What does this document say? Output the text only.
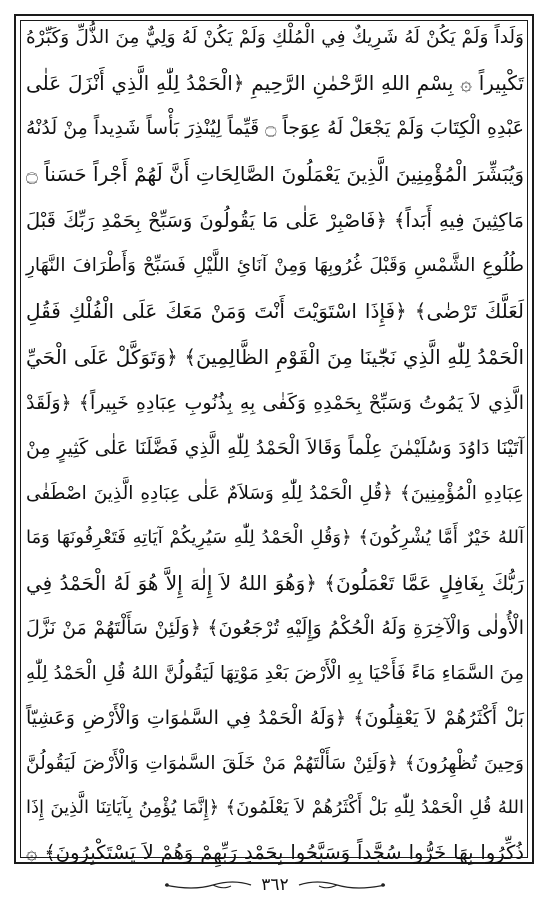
وَلَداً وَلَمْ يَكُنْ لَهُ شَرِيكٌ فِي الْمُلْكِ وَلَمْ يَكُنْ لَهُ وَلِيٌّ مِنَ الذُّلِّ وَكَبِّرْهُ
تَكْبِيراً ۞ بِسْمِ اللهِ الرَّحْمٰنِ الرَّحِيمِ ﴿الْحَمْدُ لِلّٰهِ الَّذِي أَنْزَلَ عَلٰى
عَبْدِهِ الْكِتَابَ وَلَمْ يَجْعَلْ لَهُ عِوَجاً ۝ قَيِّماً لِيُنْذِرَ بَأْساً شَدِيداً مِنْ لَدُنْهُ
وَيُبَشِّرَ الْمُؤْمِنِينَ الَّذِينَ يَعْمَلُونَ الصَّالِحَاتِ أَنَّ لَهُمْ أَجْراً حَسَناً ۝
مَاكِثِينَ فِيهِ أَبَداً﴾ ﴿فَاصْبِرْ عَلٰى مَا يَقُولُونَ وَسَبِّحْ بِحَمْدِ رَبِّكَ قَبْلَ
طُلُوعِ الشَّمْسِ وَقَبْلَ غُرُوبِهَا وَمِنْ آنَائِ اللَّيْلِ فَسَبِّحْ وَأَطْرَافَ النَّهَارِ
لَعَلَّكَ تَرْضٰى﴾ ﴿فَإِذَا اسْتَوَيْتَ أَنْتَ وَمَنْ مَعَكَ عَلَى الْفُلْكِ فَقُلِ
الْحَمْدُ لِلّٰهِ الَّذِي نَجّٰينَا مِنَ الْقَوْمِ الظَّالِمِينَ﴾ ﴿وَتَوَكَّلْ عَلَى الْحَيِّ
الَّذِي لاَ يَمُوتُ وَسَبِّحْ بِحَمْدِهِ وَكَفٰى بِهِ بِذُنُوبِ عِبَادِهِ خَبِيراً﴾ ﴿وَلَقَدْ
آتَيْنَا دَاوُدَ وَسُلَيْمٰنَ عِلْماً وَقَالاَ الْحَمْدُ لِلّٰهِ الَّذِي فَضَّلَنَا عَلٰى كَثِيرٍ مِنْ
عِبَادِهِ الْمُؤْمِنِينَ﴾ ﴿قُلِ الْحَمْدُ لِلّٰهِ وَسَلاَمٌ عَلٰى عِبَادِهِ الَّذِينَ اصْطَفٰى
آللهُ خَيْرٌ أَمَّا يُشْرِكُونَ﴾ ﴿وَقُلِ الْحَمْدُ لِلّٰهِ سَيُرِيكُمْ آيَاتِهِ فَتَعْرِفُونَهَا وَمَا
رَبُّكَ بِغَافِلٍ عَمَّا تَعْمَلُونَ﴾ ﴿وَهُوَ اللهُ لاَ إِلٰهَ إِلاَّ هُوَ لَهُ الْحَمْدُ فِي
الْأُولٰى وَالْآخِرَةِ وَلَهُ الْحُكْمُ وَإِلَيْهِ تُرْجَعُونَ﴾ ﴿وَلَئِنْ سَأَلْتَهُمْ مَنْ نَزَّلَ
مِنَ السَّمَاءِ مَاءً فَأَحْيَا بِهِ الْأَرْضَ بَعْدِ مَوْتِهَا لَيَقُولُنَّ اللهُ قُلِ الْحَمْدُ لِلّٰهِ
بَلْ أَكْثَرُهُمْ لاَ يَعْقِلُونَ﴾ ﴿وَلَهُ الْحَمْدُ فِي السَّمٰوَاتِ وَالْأَرْضِ وَعَشِيّاً
وَحِينَ تُظْهِرُونَ﴾ ﴿وَلَئِنْ سَأَلْتَهُمْ مَنْ خَلَقَ السَّمٰوَاتِ وَالْأَرْضَ لَيَقُولُنَّ
اللهُ قُلِ الْحَمْدُ لِلّٰهِ بَلْ أَكْثَرُهُمْ لاَ يَعْلَمُونَ﴾ ﴿إِنَّمَا يُؤْمِنُ بِآيَاتِنَا الَّذِينَ إِذَا
ذُكِّرُوا بِهَا خَرُّوا سُجَّداً وَسَبَّحُوا بِحَمْدِ رَبِّهِمْ وَهُمْ لاَ يَسْتَكْبِرُونَ﴾ ۞
٣٦٢
